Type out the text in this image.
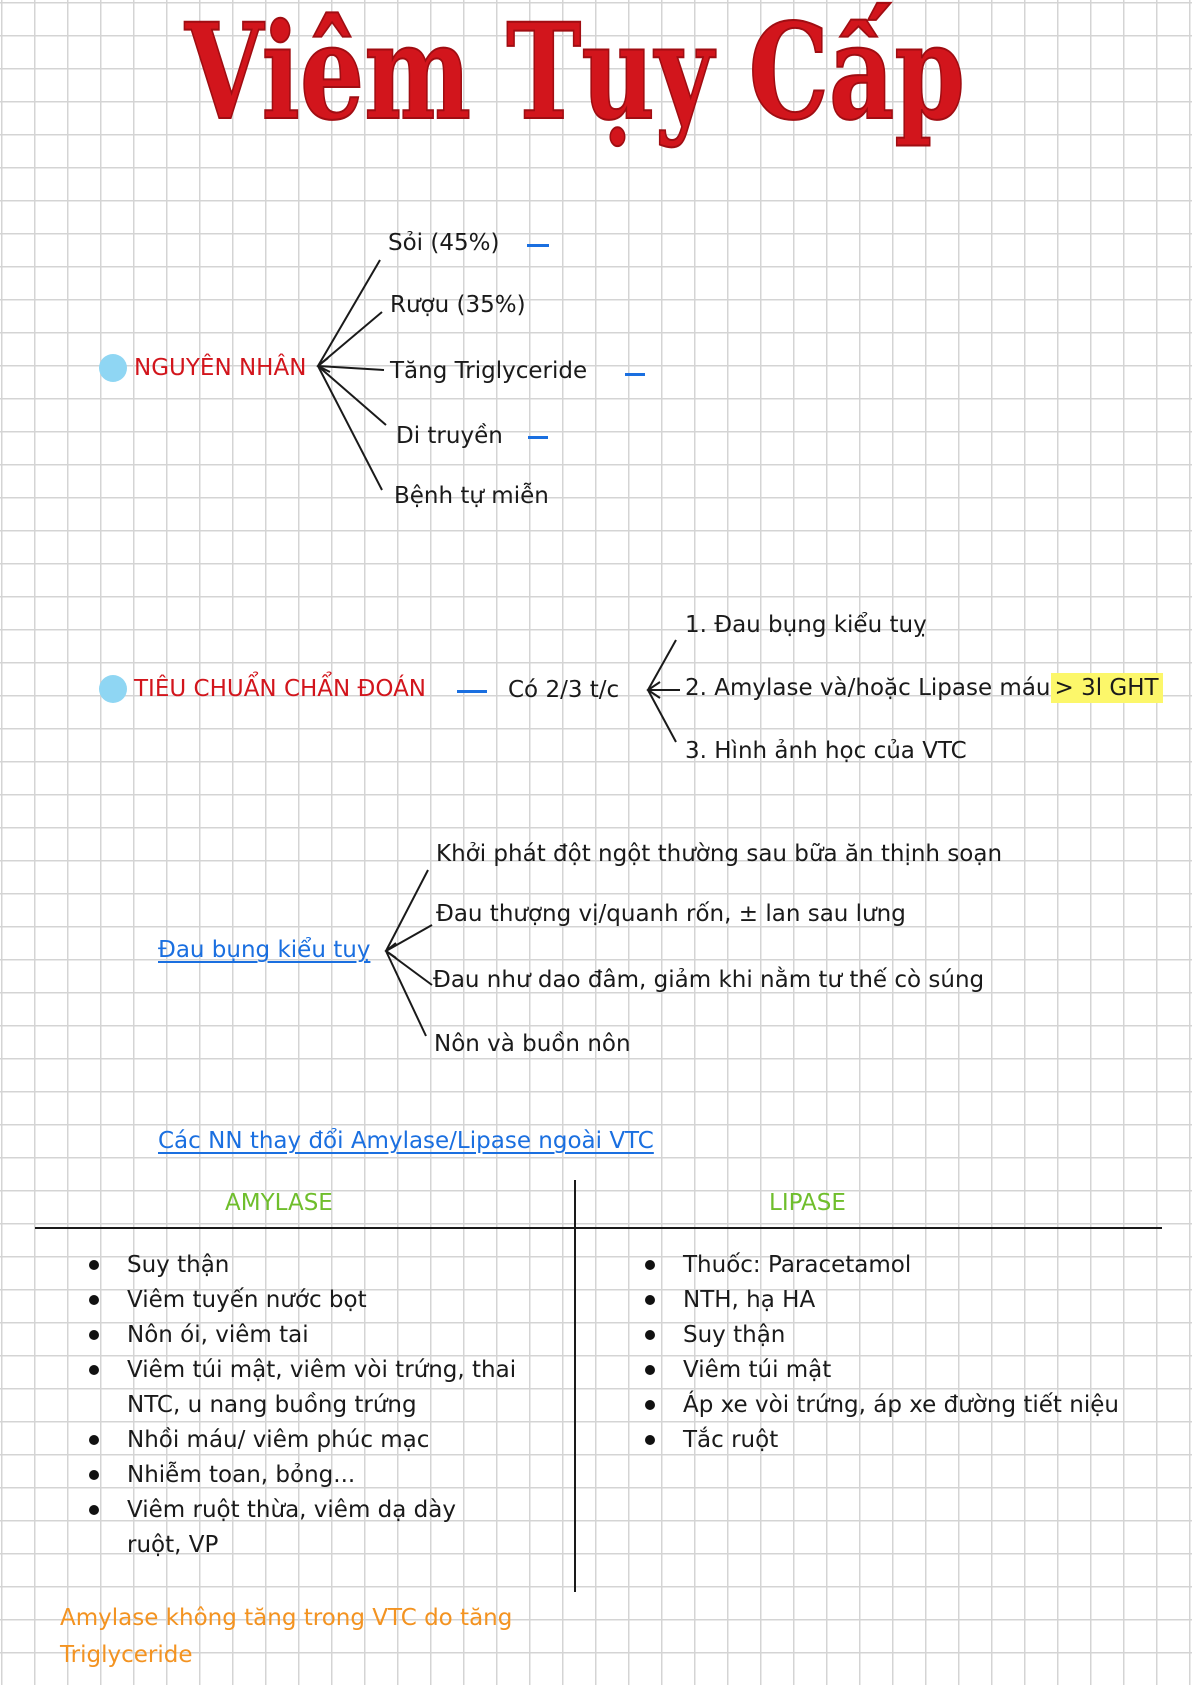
Viêm Tụy Cấp
NGUYÊN NHÂN
Sỏi (45%)
Rượu (35%)
Tăng Triglyceride
Di truyền
Bệnh tự miễn
TIÊU CHUẨN CHẨN ĐOÁN	Có 2/3 t/c
1. Đau bụng kiểu tuỵ
2. Amylase và/hoặc Lipase máu > 3l GHT
3. Hình ảnh học của VTC
Đau bụng kiểu tuỵ
Khởi phát đột ngột thường sau bữa ăn thịnh soạn
Đau thượng vị/quanh rốn, ± lan sau lưng
Đau như dao đâm, giảm khi nằm tư thế cò súng
Nôn và buồn nôn
Các NN thay đổi Amylase/Lipase ngoài VTC
AMYLASE	LIPASE
Suy thận
Viêm tuyến nước bọt
Nôn ói, viêm tai
Viêm túi mật, viêm vòi trứng, thai NTC, u nang buồng trứng
Nhồi máu/ viêm phúc mạc
Nhiễm toan, bỏng...
Viêm ruột thừa, viêm dạ dày ruột, VP
Thuốc: Paracetamol
NTH, hạ HA
Suy thận
Viêm túi mật
Áp xe vòi trứng, áp xe đường tiết niệu
Tắc ruột
Amylase không tăng trong VTC do tăng Triglyceride
